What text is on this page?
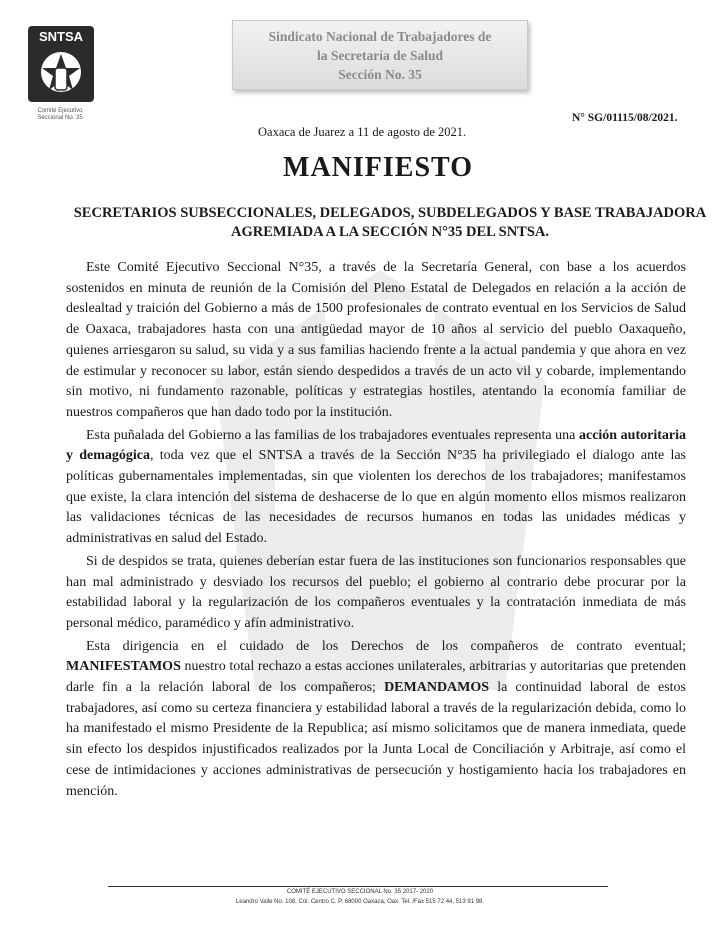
SNTSA
Comité Ejecutivo
Seccional No. 35
Sindicato Nacional de Trabajadores de
la Secretaría de Salud
Sección No. 35
N° SG/01115/08/2021.
Oaxaca de Juarez a 11 de agosto de 2021.
MANIFIESTO
SECRETARIOS SUBSECCIONALES, DELEGADOS, SUBDELEGADOS Y BASE TRABAJADORA AGREMIADA A LA SECCIÓN N°35 DEL SNTSA.

Este Comité Ejecutivo Seccional N°35, a través de la Secretaría General, con base a los acuerdos sostenidos en minuta de reunión de la Comisión del Pleno Estatal de Delegados en relación a la acción de deslealtad y traición del Gobierno a más de 1500 profesionales de contrato eventual en los Servicios de Salud de Oaxaca, trabajadores hasta con una antigüedad mayor de 10 años al servicio del pueblo Oaxaqueño, quienes arriesgaron su salud, su vida y a sus familias haciendo frente a la actual pandemia y que ahora en vez de estimular y reconocer su labor, están siendo despedidos a través de un acto vil y cobarde, implementando sin motivo, ni fundamento razonable, políticas y estrategias hostiles, atentando la economía familiar de nuestros compañeros que han dado todo por la institución.

Esta puñalada del Gobierno a las familias de los trabajadores eventuales representa una acción autoritaria y demagógica, toda vez que el SNTSA a través de la Sección N°35 ha privilegiado el dialogo ante las políticas gubernamentales implementadas, sin que violenten los derechos de los trabajadores; manifestamos que existe, la clara intención del sistema de deshacerse de lo que en algún momento ellos mismos realizaron las validaciones técnicas de las necesidades de recursos humanos en todas las unidades médicas y administrativas en salud del Estado.

Si de despidos se trata, quienes deberían estar fuera de las instituciones son funcionarios responsables que han mal administrado y desviado los recursos del pueblo; el gobierno al contrario debe procurar por la estabilidad laboral y la regularización de los compañeros eventuales y la contratación inmediata de más personal médico, paramédico y afín administrativo.

Esta dirigencia en el cuidado de los Derechos de los compañeros de contrato eventual; MANIFESTAMOS nuestro total rechazo a estas acciones unilaterales, arbitrarias y autoritarias que pretenden darle fin a la relación laboral de los compañeros; DEMANDAMOS la continuidad laboral de estos trabajadores, así como su certeza financiera y estabilidad laboral a través de la regularización debida, como lo ha manifestado el mismo Presidente de la Republica; así mismo solicitamos que de manera inmediata, quede sin efecto los despidos injustificados realizados por la Junta Local de Conciliación y Arbitraje, así como el cese de intimidaciones y acciones administrativas de persecución y hostigamiento hacia los trabajadores en mención.

COMITÉ EJECUTIVO SECCIONAL No. 35 2017- 2020
Leandro Valle No. 108, Col. Centro C. P. 68000 Oaxaca, Oax. Tel. /Fax 515 72 44, 513 91 98.
